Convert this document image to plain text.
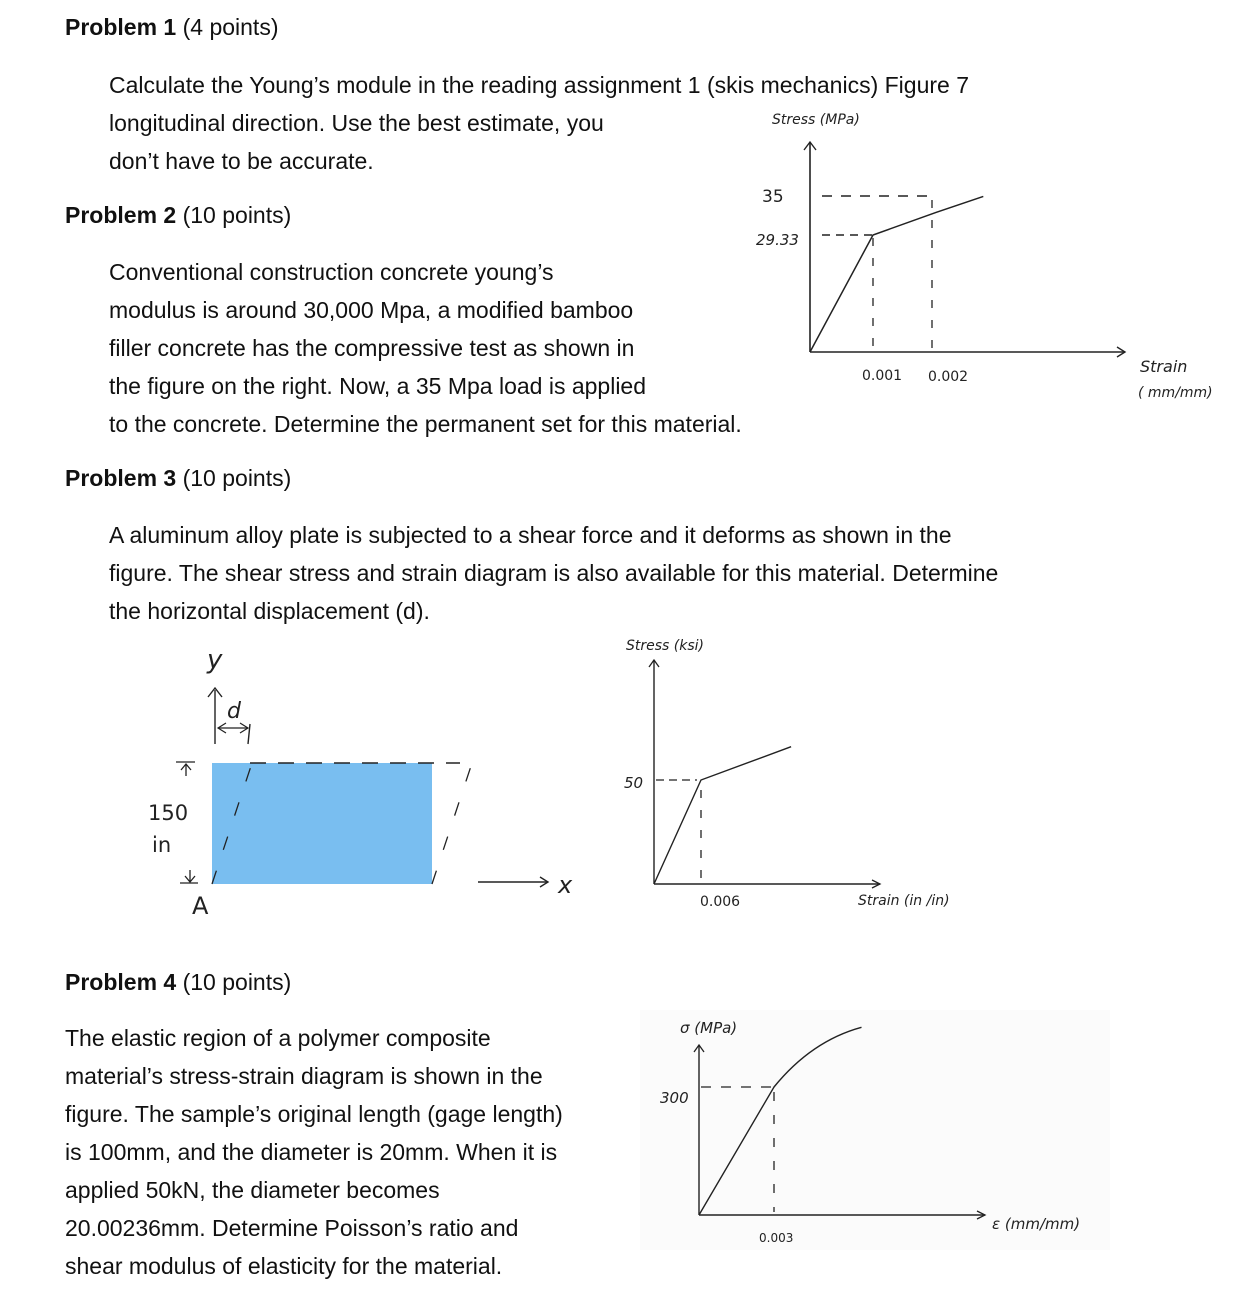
Problem 1 (4 points)
Calculate the Young’s module in the reading assignment 1 (skis mechanics) Figure 7
longitudinal direction. Use the best estimate, you
don’t have to be accurate.
Problem 2 (10 points)
Conventional construction concrete young’s
modulus is around 30,000 Mpa, a modified bamboo
filler concrete has the compressive test as shown in
the figure on the right. Now, a 35 Mpa load is applied
to the concrete. Determine the permanent set for this material.
Stress (MPa)
35
29.33
0.001 0.002
Strain
( mm/mm)
Problem 3 (10 points)
A aluminum alloy plate is subjected to a shear force and it deforms as shown in the
figure. The shear stress and strain diagram is also available for this material. Determine
the horizontal displacement (d).
y
d
150
in
A
x
Stress (ksi)
50
0.006	Strain (in /in)
Problem 4 (10 points)
The elastic region of a polymer composite
material’s stress-strain diagram is shown in the
figure. The sample’s original length (gage length)
is 100mm, and the diameter is 20mm. When it is
applied 50kN, the diameter becomes
20.00236mm. Determine Poisson’s ratio and
shear modulus of elasticity for the material.
σ (MPa)
300
0.003
ε (mm/mm)
